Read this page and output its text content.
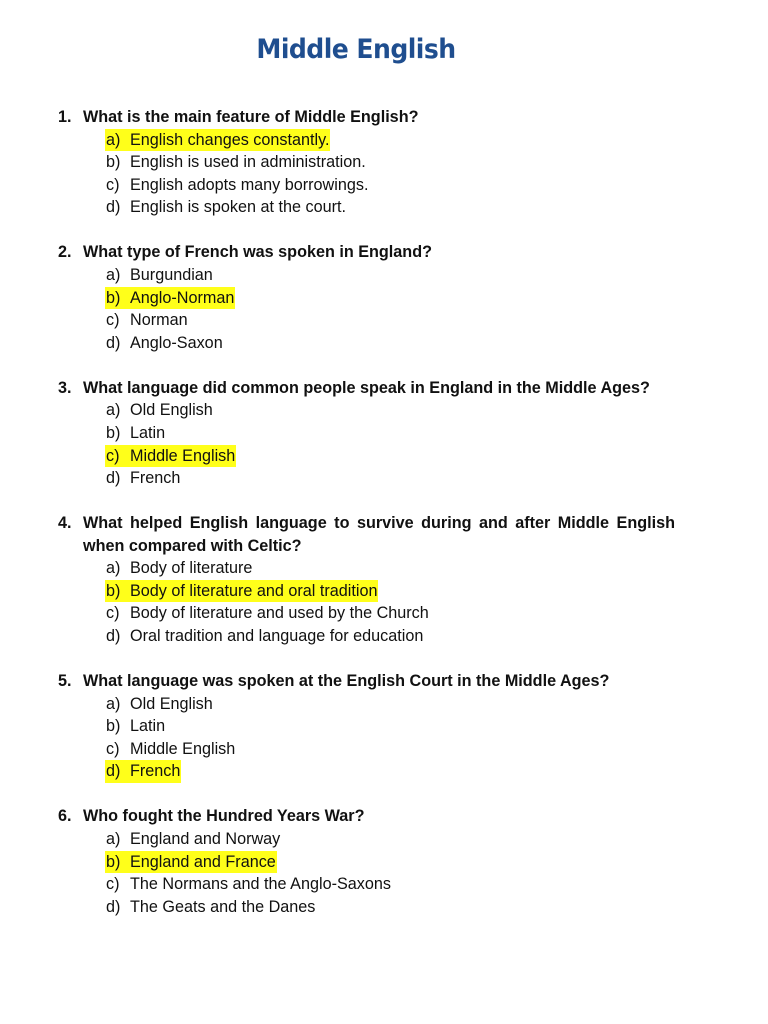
Middle English
1. What is the main feature of Middle English?
a) English changes constantly.
b) English is used in administration.
c) English adopts many borrowings.
d) English is spoken at the court.
2. What type of French was spoken in England?
a) Burgundian
b) Anglo-Norman
c) Norman
d) Anglo-Saxon
3. What language did common people speak in England in the Middle Ages?
a) Old English
b) Latin
c) Middle English
d) French
4. What helped English language to survive during and after Middle English when compared with Celtic?
a) Body of literature
b) Body of literature and oral tradition
c) Body of literature and used by the Church
d) Oral tradition and language for education
5. What language was spoken at the English Court in the Middle Ages?
a) Old English
b) Latin
c) Middle English
d) French
6. Who fought the Hundred Years War?
a) England and Norway
b) England and France
c) The Normans and the Anglo-Saxons
d) The Geats and the Danes
